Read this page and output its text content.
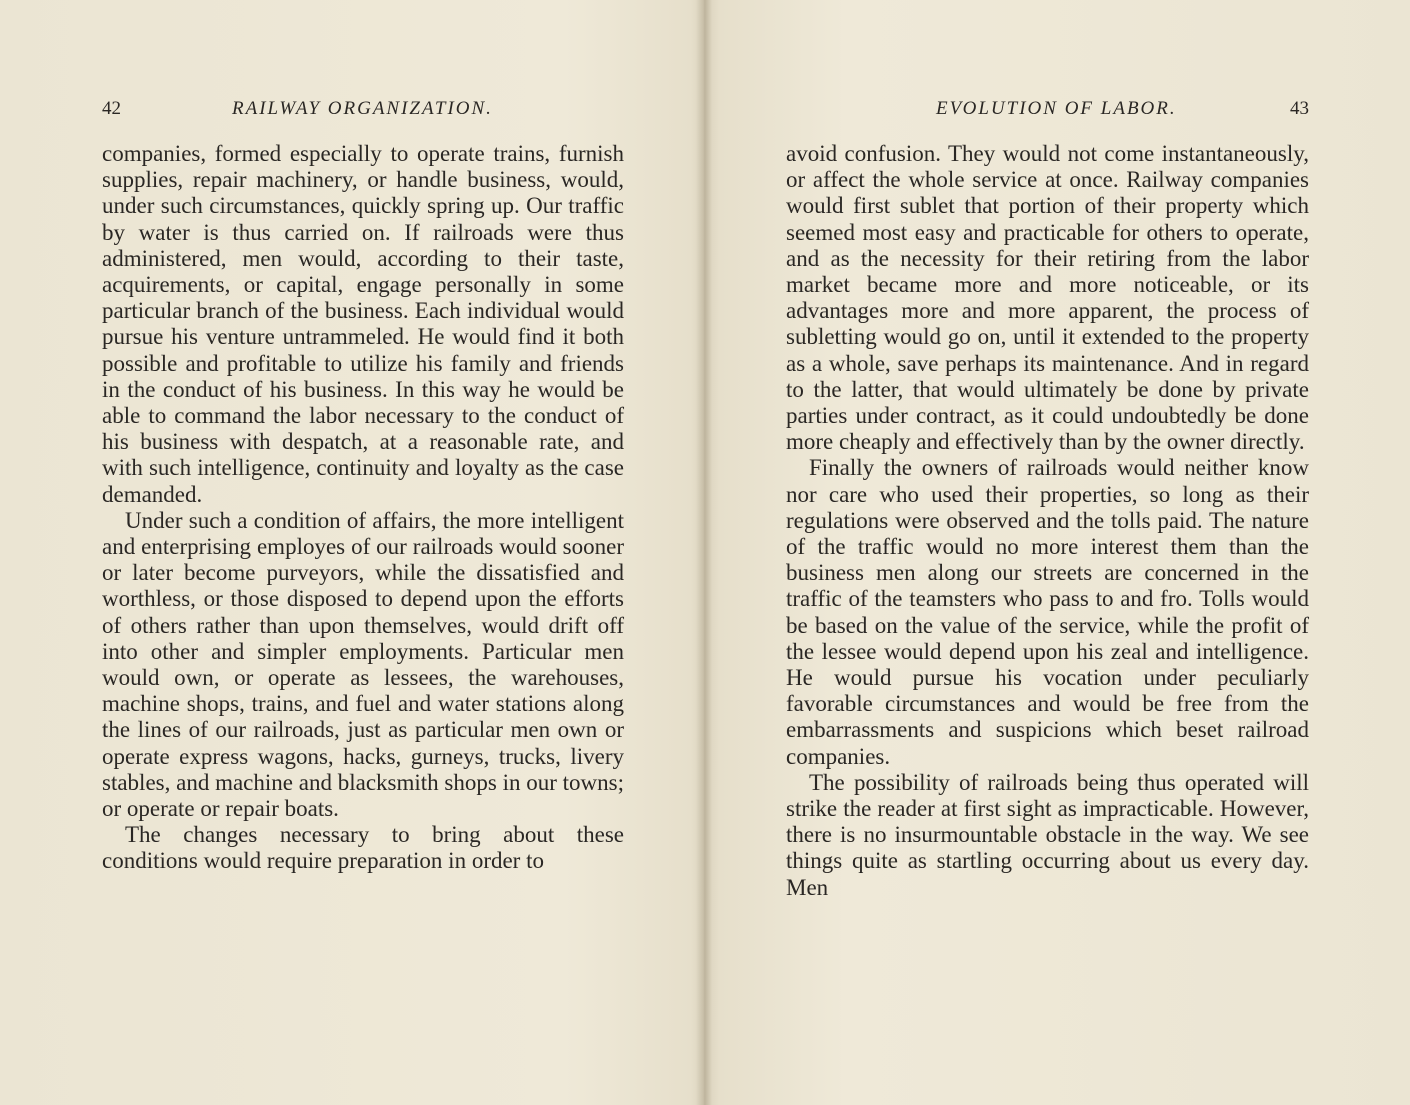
42	RAILWAY ORGANIZATION.

companies, formed especially to operate trains, furnish supplies, repair machinery, or handle business, would, under such circumstances, quickly spring up. Our traffic by water is thus carried on. If railroads were thus administered, men would, according to their taste, acquirements, or capital, engage personally in some particular branch of the business. Each individual would pursue his venture untrammeled. He would find it both possible and profitable to utilize his family and friends in the conduct of his business. In this way he would be able to command the labor necessary to the conduct of his business with despatch, at a reasonable rate, and with such intelligence, continuity and loyalty as the case demanded.

Under such a condition of affairs, the more intelligent and enterprising employes of our railroads would sooner or later become purveyors, while the dissatisfied and worthless, or those disposed to depend upon the efforts of others rather than upon themselves, would drift off into other and simpler employments. Particular men would own, or operate as lessees, the warehouses, machine shops, trains, and fuel and water stations along the lines of our railroads, just as particular men own or operate express wagons, hacks, gurneys, trucks, livery stables, and machine and blacksmith shops in our towns; or operate or repair boats.

The changes necessary to bring about these conditions would require preparation in order to

EVOLUTION OF LABOR.	43

avoid confusion. They would not come instantaneously, or affect the whole service at once. Railway companies would first sublet that portion of their property which seemed most easy and practicable for others to operate, and as the necessity for their retiring from the labor market became more and more noticeable, or its advantages more and more apparent, the process of subletting would go on, until it extended to the property as a whole, save perhaps its maintenance. And in regard to the latter, that would ultimately be done by private parties under contract, as it could undoubtedly be done more cheaply and effectively than by the owner directly.

Finally the owners of railroads would neither know nor care who used their properties, so long as their regulations were observed and the tolls paid. The nature of the traffic would no more interest them than the business men along our streets are concerned in the traffic of the teamsters who pass to and fro. Tolls would be based on the value of the service, while the profit of the lessee would depend upon his zeal and intelligence. He would pursue his vocation under peculiarly favorable circumstances and would be free from the embarrassments and suspicions which beset railroad companies.

The possibility of railroads being thus operated will strike the reader at first sight as impracticable. However, there is no insurmountable obstacle in the way. We see things quite as startling occurring about us every day. Men
